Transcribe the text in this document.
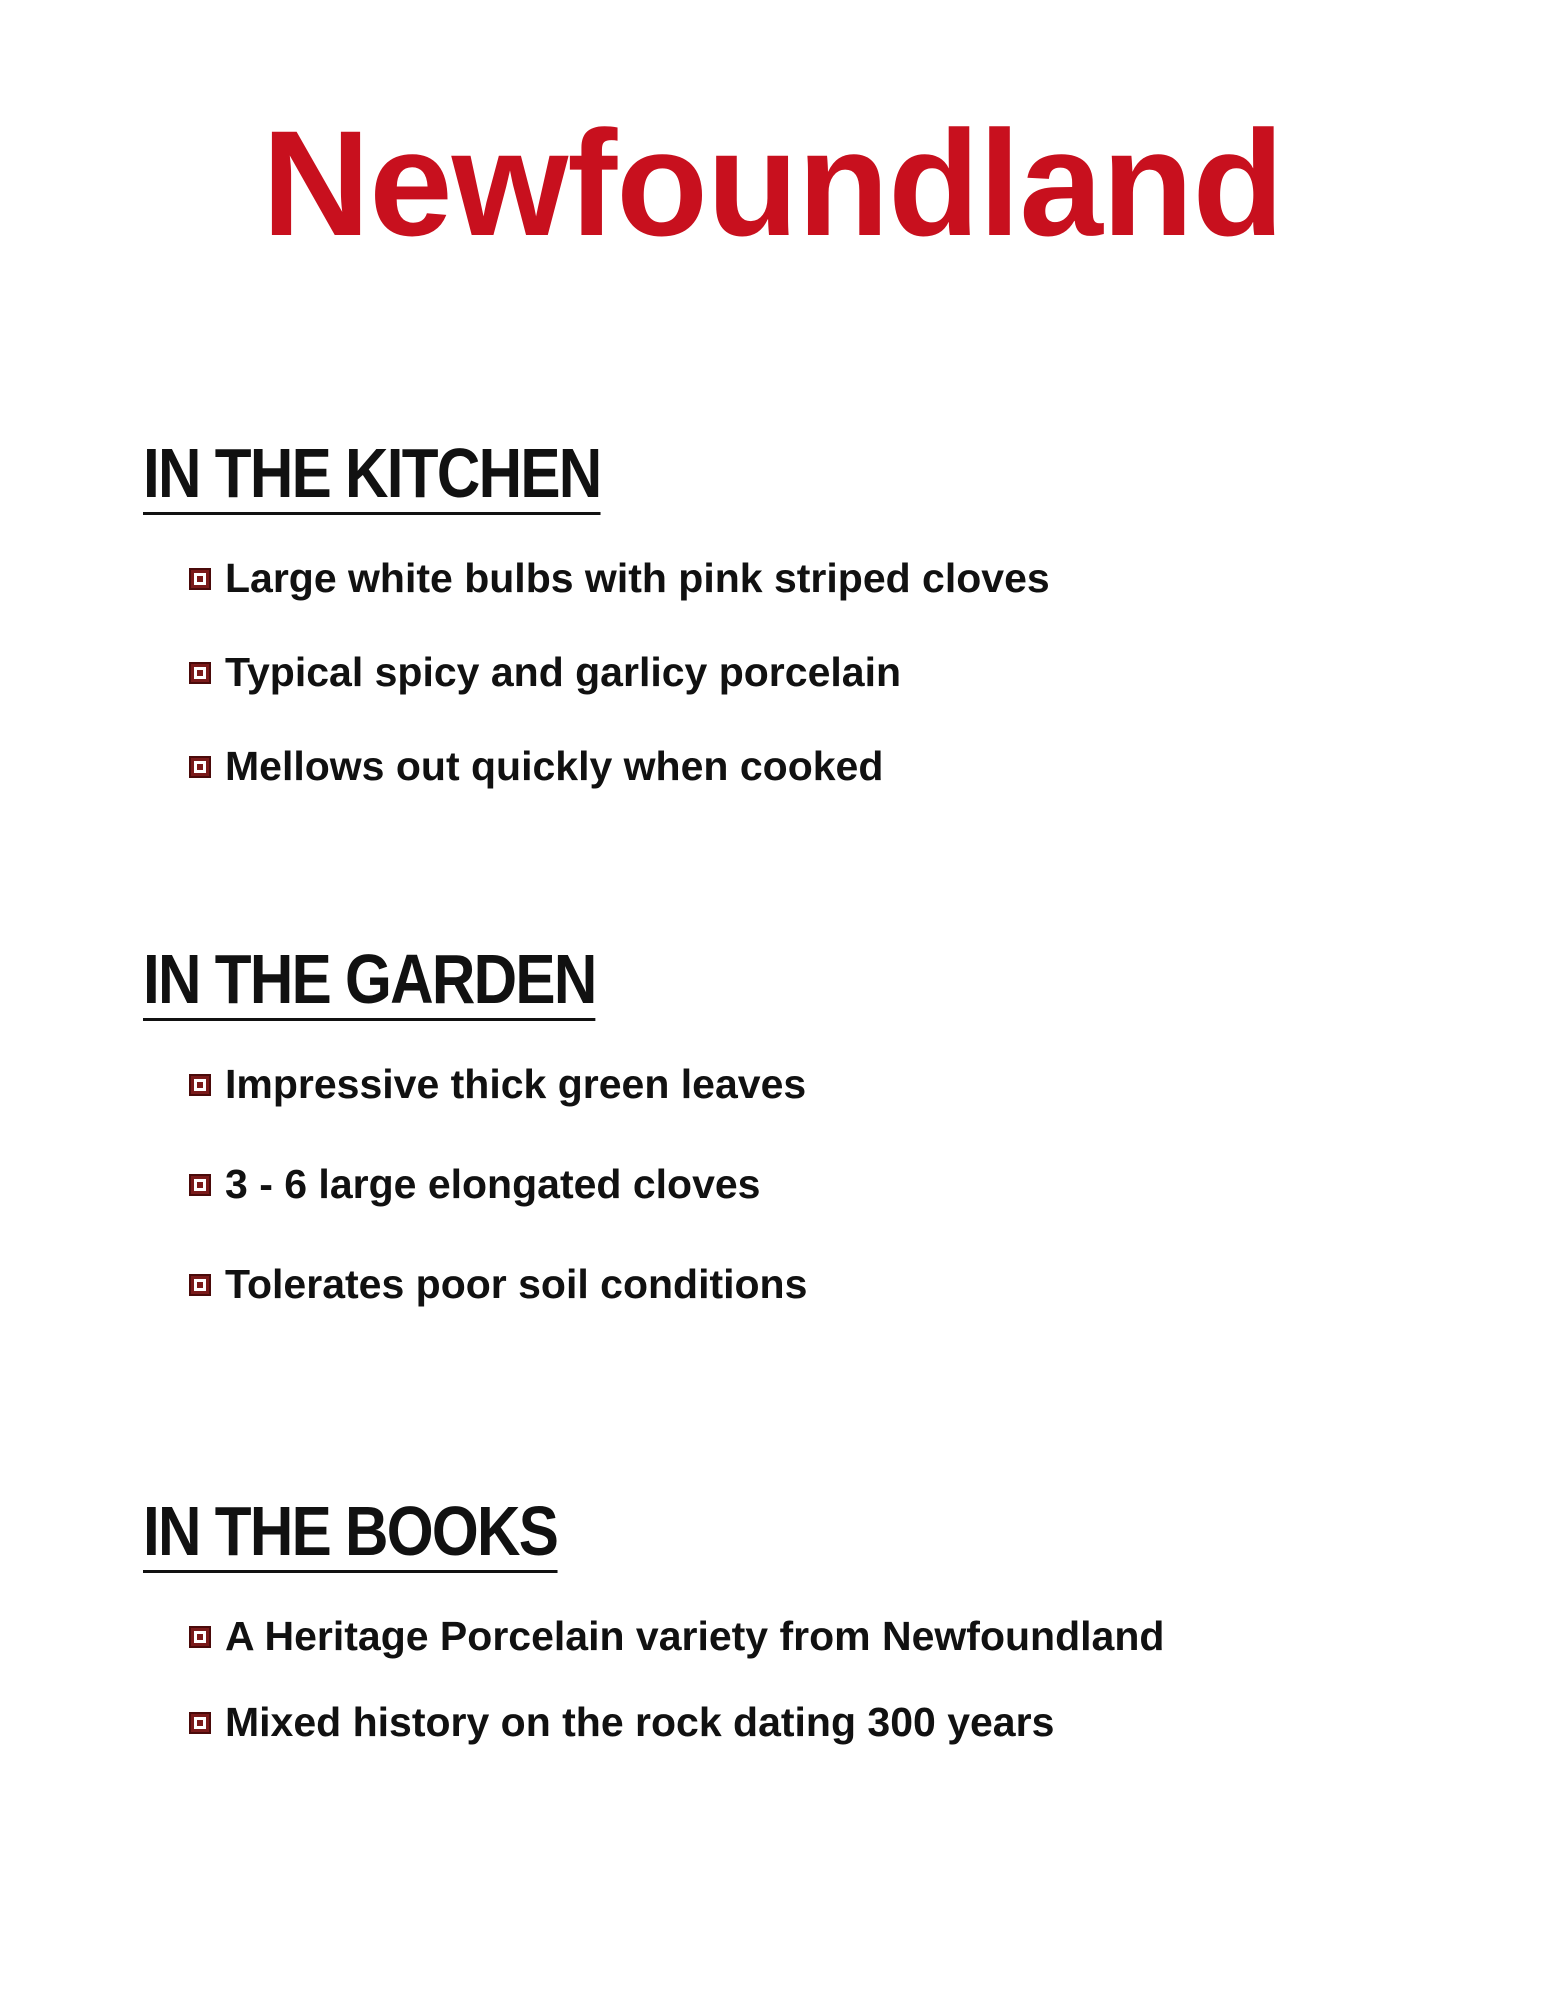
Newfoundland
IN THE KITCHEN
Large white bulbs with pink striped cloves
Typical spicy and garlicy porcelain
Mellows out quickly when cooked
IN THE GARDEN
Impressive thick green leaves
3 - 6 large elongated cloves
Tolerates poor soil conditions
IN THE BOOKS
A Heritage Porcelain variety from Newfoundland
Mixed history on the rock dating 300 years
